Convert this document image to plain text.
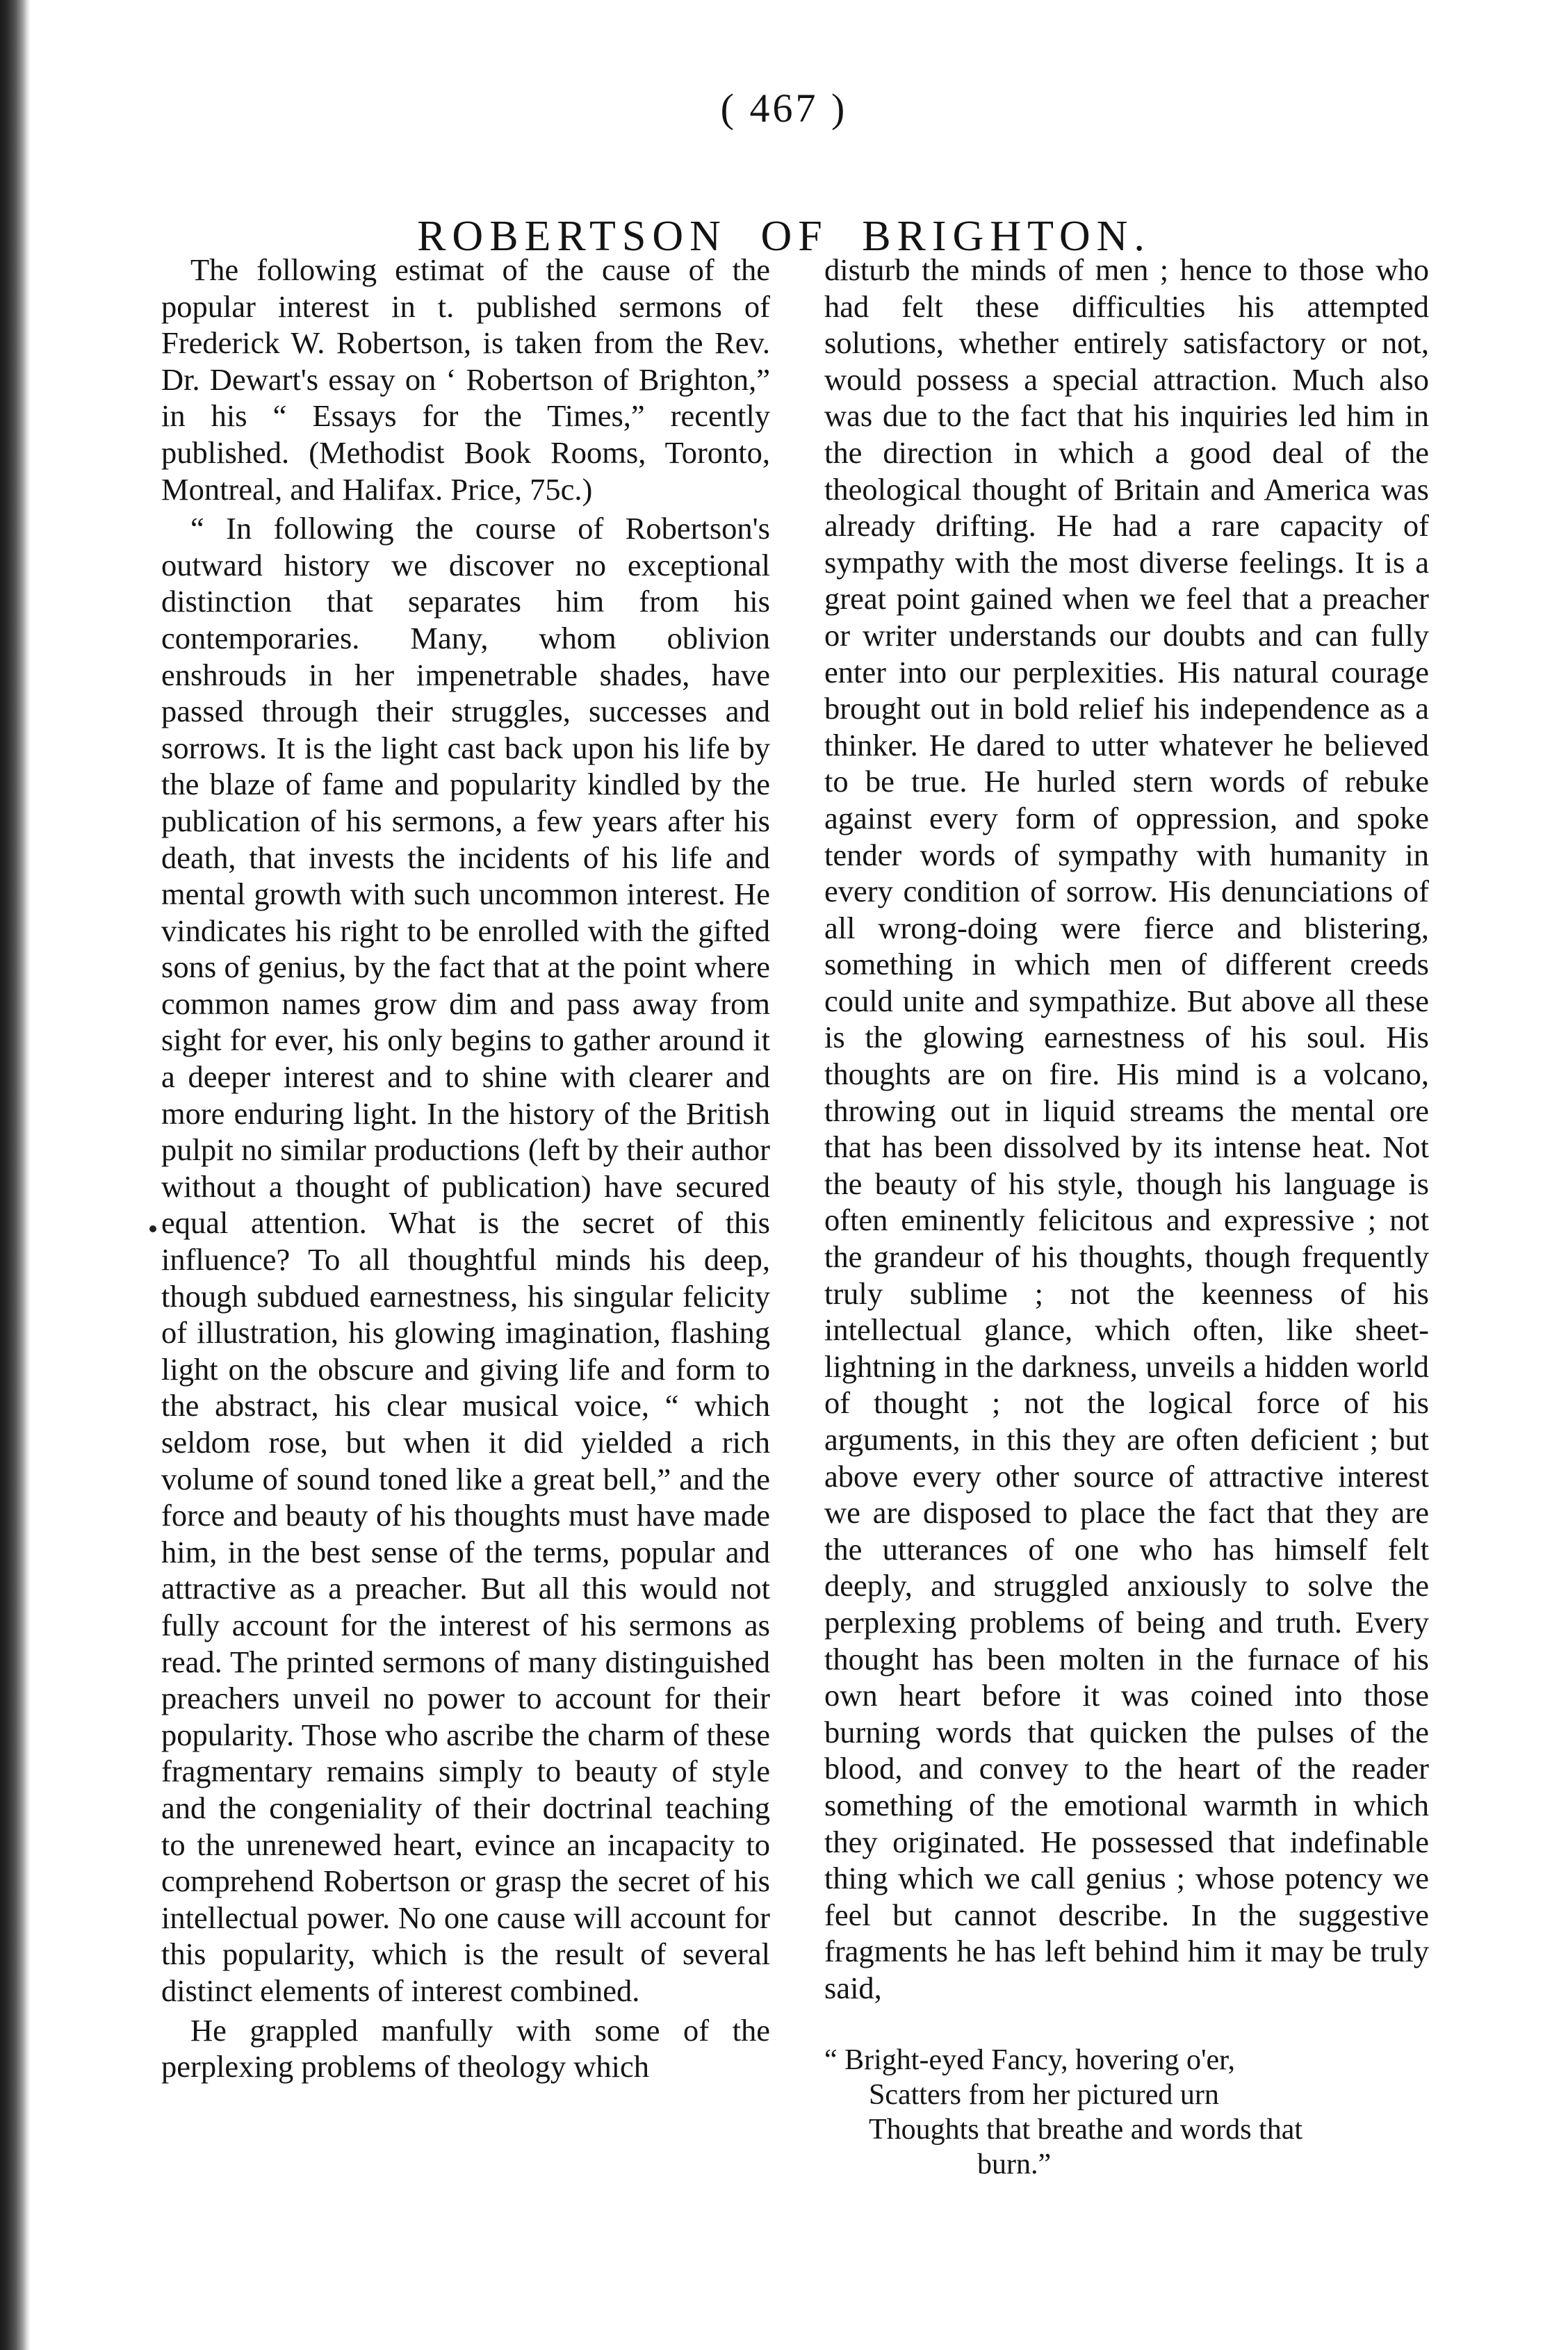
( 467 )
ROBERTSON OF BRIGHTON.

The following estimat of the cause of the popular interest in t. published sermons of Frederick W. Robertson, is taken from the Rev. Dr. Dewart's essay on ‘ Robertson of Brighton,” in his “ Essays for the Times,” recently published. (Methodist Book Rooms, Toronto, Montreal, and Halifax. Price, 75c.)

“ In following the course of Robertson's outward history we discover no exceptional distinction that separates him from his contemporaries. Many, whom oblivion enshrouds in her impenetrable shades, have passed through their struggles, successes and sorrows. It is the light cast back upon his life by the blaze of fame and popularity kindled by the publication of his sermons, a few years after his death, that invests the incidents of his life and mental growth with such uncommon interest. He vindicates his right to be enrolled with the gifted sons of genius, by the fact that at the point where common names grow dim and pass away from sight for ever, his only begins to gather around it a deeper interest and to shine with clearer and more enduring light. In the history of the British pulpit no similar productions (left by their author without a thought of publication) have secured equal attention. What is the secret of this influence? To all thoughtful minds his deep, though subdued earnestness, his singular felicity of illustration, his glowing imagination, flashing light on the obscure and giving life and form to the abstract, his clear musical voice, “ which seldom rose, but when it did yielded a rich volume of sound toned like a great bell,” and the force and beauty of his thoughts must have made him, in the best sense of the terms, popular and attractive as a preacher. But all this would not fully account for the interest of his sermons as read. The printed sermons of many distinguished preachers unveil no power to account for their popularity. Those who ascribe the charm of these fragmentary remains simply to beauty of style and the congeniality of their doctrinal teaching to the unrenewed heart, evince an incapacity to comprehend Robertson or grasp the secret of his intellectual power. No one cause will account for this popularity, which is the result of several distinct elements of interest combined.

He grappled manfully with some of the perplexing problems of theology which

disturb the minds of men ; hence to those who had felt these difficulties his attempted solutions, whether entirely satisfactory or not, would possess a special attraction. Much also was due to the fact that his inquiries led him in the direction in which a good deal of the theological thought of Britain and America was already drifting. He had a rare capacity of sympathy with the most diverse feelings. It is a great point gained when we feel that a preacher or writer understands our doubts and can fully enter into our perplexities. His natural courage brought out in bold relief his independence as a thinker. He dared to utter whatever he believed to be true. He hurled stern words of rebuke against every form of oppression, and spoke tender words of sympathy with humanity in every condition of sorrow. His denunciations of all wrong-doing were fierce and blistering, something in which men of different creeds could unite and sympathize. But above all these is the glowing earnestness of his soul. His thoughts are on fire. His mind is a volcano, throwing out in liquid streams the mental ore that has been dissolved by its intense heat. Not the beauty of his style, though his language is often eminently felicitous and expressive ; not the grandeur of his thoughts, though frequently truly sublime ; not the keenness of his intellectual glance, which often, like sheet-lightning in the darkness, unveils a hidden world of thought ; not the logical force of his arguments, in this they are often deficient ; but above every other source of attractive interest we are disposed to place the fact that they are the utterances of one who has himself felt deeply, and struggled anxiously to solve the perplexing problems of being and truth. Every thought has been molten in the furnace of his own heart before it was coined into those burning words that quicken the pulses of the blood, and convey to the heart of the reader something of the emotional warmth in which they originated. He possessed that indefinable thing which we call genius ; whose potency we feel but cannot describe. In the suggestive fragments he has left behind him it may be truly said,

“ Bright-eyed Fancy, hovering o'er,
Scatters from her pictured urn
Thoughts that breathe and words that
burn.”
